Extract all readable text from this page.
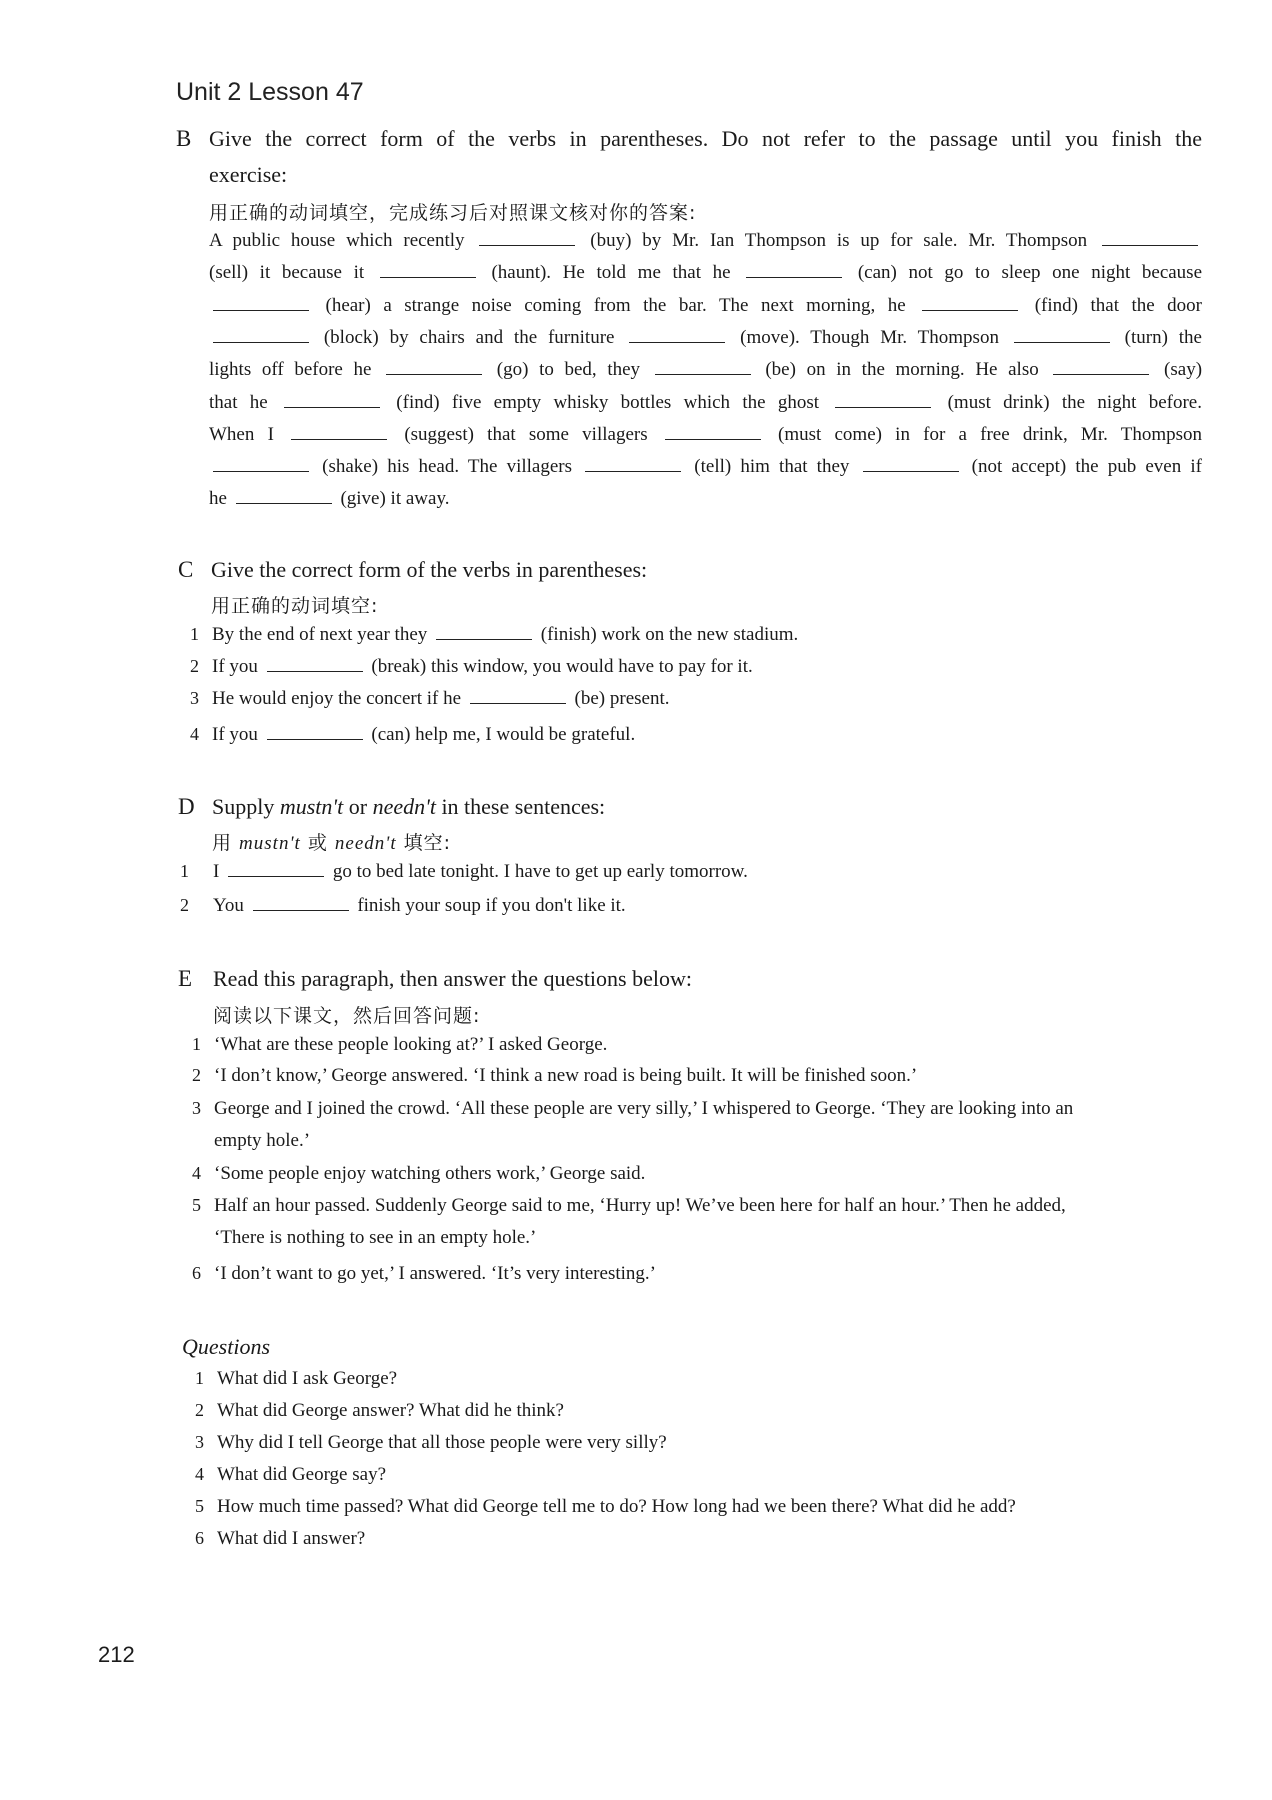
Unit 2 Lesson 47
B Give the correct form of the verbs in parentheses. Do not refer to the passage until you finish the
exercise:
用正确的动词填空，完成练习后对照课文核对你的答案:
A public house which recently	(buy) by Mr. Ian Thompson is up for sale. Mr. Thompson
(sell) it because it	(haunt). He told me that he	(can) not go to sleep one night because
(hear) a strange noise coming from the bar. The next morning, he	(find) that the door
(block) by chairs and the furniture	(move). Though Mr. Thompson	(turn) the
lights off before he	(go) to bed, they	(be) on in the morning. He also	(say)
that he	(find) five empty whisky bottles which the ghost	(must drink) the night before.
When I	(suggest) that some villagers	(must come) in for a free drink, Mr. Thompson
(shake) his head. The villagers	(tell) him that they	(not accept) the pub even if
he	(give) it away.
C Give the correct form of the verbs in parentheses:
用正确的动词填空:
1 By the end of next year they	(finish) work on the new stadium.
2 If you	(break) this window, you would have to pay for it.
3 He would enjoy the concert if he	(be) present.
4 If you	(can) help me, I would be grateful.
D Supply mustn't or needn't in these sentences:
用 mustn't 或 needn't 填空:
1 I	go to bed late tonight. I have to get up early tomorrow.
2 You	finish your soup if you don't like it.
E Read this paragraph, then answer the questions below:
阅读以下课文，然后回答问题:
1 ‘What are these people looking at?’ I asked George.
2 ‘I don’t know,’ George answered. ‘I think a new road is being built. It will be finished soon.’
3 George and I joined the crowd. ‘All these people are very silly,’ I whispered to George. ‘They are looking into an
empty hole.’
4 ‘Some people enjoy watching others work,’ George said.
5 Half an hour passed. Suddenly George said to me, ‘Hurry up! We’ve been here for half an hour.’ Then he added,
‘There is nothing to see in an empty hole.’
6 ‘I don’t want to go yet,’ I answered. ‘It’s very interesting.’
Questions
1 What did I ask George?
2 What did George answer? What did he think?
3 Why did I tell George that all those people were very silly?
4 What did George say?
5 How much time passed? What did George tell me to do? How long had we been there? What did he add?
6 What did I answer?
212
